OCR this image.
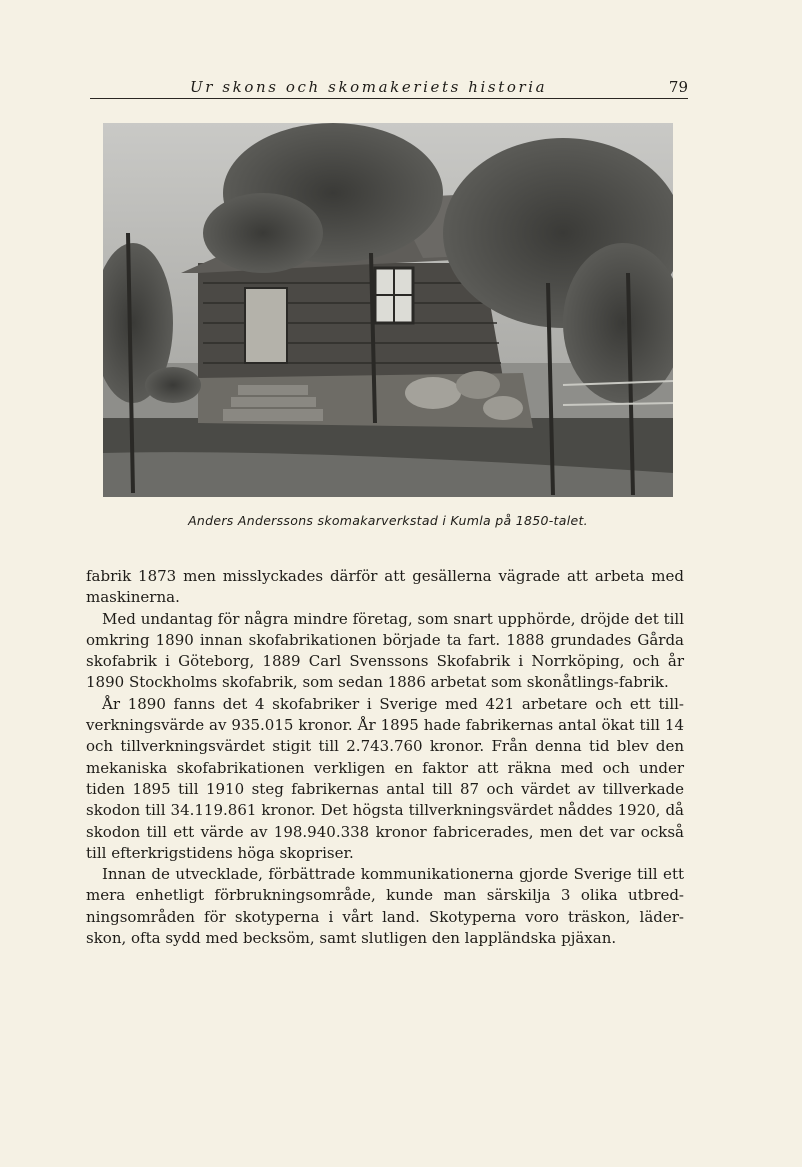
Ur skons och skomakeriets historia	79
Anders Anderssons skomakarverkstad i Kumla på 1850-talet.

fabrik 1873 men misslyckades därför att gesällerna vägrade att arbeta med maskinerna.

Med undantag för några mindre företag, som snart upphörde, dröjde det till omkring 1890 innan skofabrikationen började ta fart. 1888 grundades Gårda skofabrik i Göteborg, 1889 Carl Svenssons Skofabrik i Norrköping, och år 1890 Stockholms skofabrik, som sedan 1886 arbetat som skonåtlings-fabrik.

År 1890 fanns det 4 skofabriker i Sverige med 421 arbetare och ett till-verkningsvärde av 935.015 kronor. År 1895 hade fabrikernas antal ökat till 14 och tillverkningsvärdet stigit till 2.743.760 kronor. Från denna tid blev den mekaniska skofabrikationen verkligen en faktor att räkna med och under tiden 1895 till 1910 steg fabrikernas antal till 87 och värdet av tillverkade skodon till 34.119.861 kronor. Det högsta tillverkningsvärdet nåddes 1920, då skodon till ett värde av 198.940.338 kronor fabricerades, men det var också till efterkrigstidens höga skopriser.

Innan de utvecklade, förbättrade kommunikationerna gjorde Sverige till ett mera enhetligt förbrukningsområde, kunde man särskilja 3 olika utbred-ningsområden för skotyperna i vårt land. Skotyperna voro träskon, läder-skon, ofta sydd med becksöm, samt slutligen den lappländska pjäxan.
